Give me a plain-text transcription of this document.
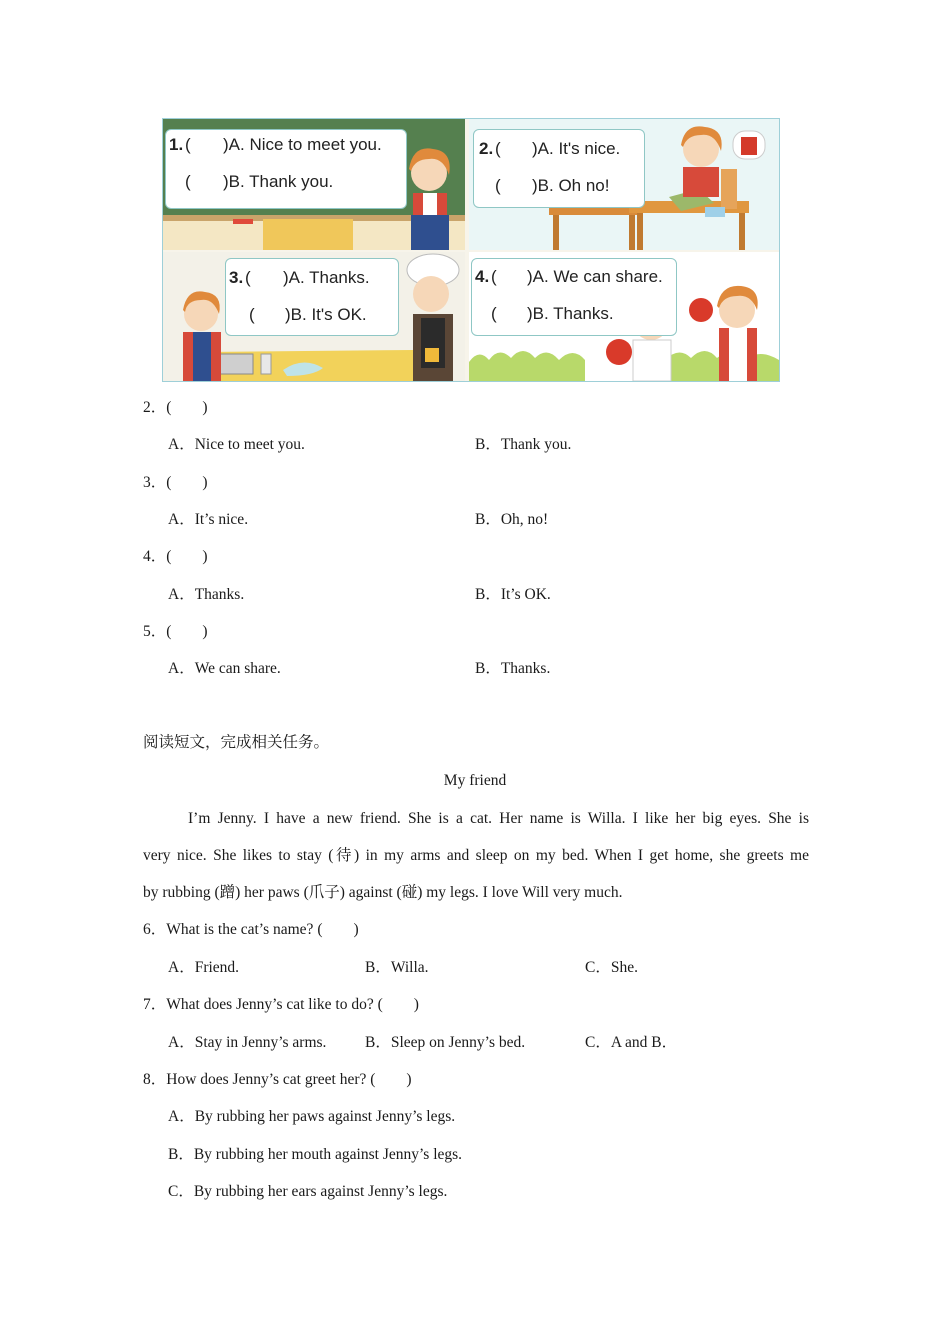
1. ( )A. Nice to meet you.
( )B. Thank you.
2. ( )A. It's nice.
( )B. Oh no!
3. ( )A. Thanks.
( )B. It's OK.
4. ( )A. We can share.
( )B. Thanks.
2．(　　)
A．Nice to meet you.	B．Thank you.
3．(　　)
A．It’s nice.	B．Oh, no!
4．(　　)
A．Thanks.	B．It’s OK.
5．(　　)
A．We can share.	B．Thanks.
阅读短文，完成相关任务。
My friend
I’m Jenny. I have a new friend. She is a cat. Her name is Willa. I like her big eyes. She is
very nice. She likes to stay (待) in my arms and sleep on my bed. When I get home, she greets me
by rubbing (蹭) her paws (爪子) against (碰) my legs. I love Will very much.
6．What is the cat’s name? (　　)
A．Friend.	B．Willa.	C．She.
7．What does Jenny’s cat like to do? (　　)
A．Stay in Jenny’s arms. B．Sleep on Jenny’s bed.	C．A and B．
8．How does Jenny’s cat greet her? (　　)
A．By rubbing her paws against Jenny’s legs.
B．By rubbing her mouth against Jenny’s legs.
C．By rubbing her ears against Jenny’s legs.
